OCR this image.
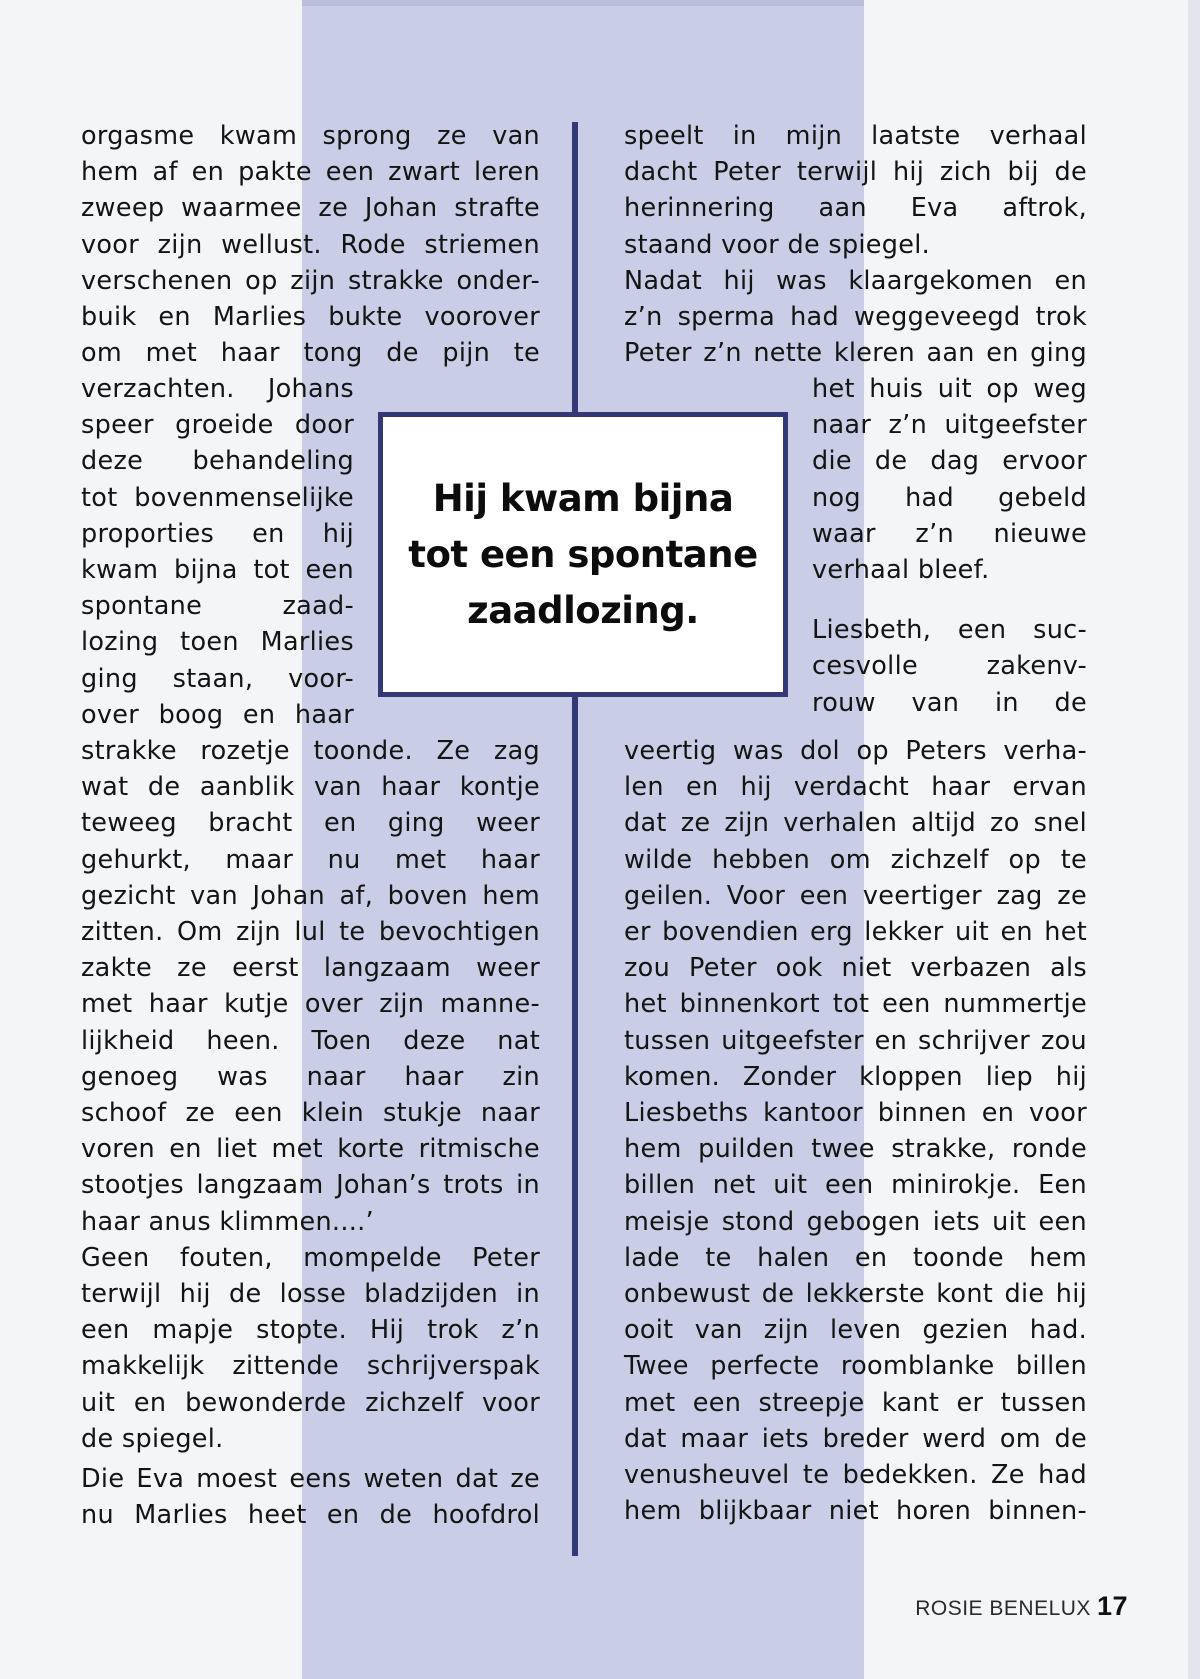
orgasme kwam sprong ze van

hem af en pakte een zwart leren

zweep waarmee ze Johan strafte

voor zijn wellust. Rode striemen

verschenen op zijn strakke onder-

buik en Marlies bukte voorover

om met haar tong de pijn te

verzachten. Johans

speer groeide door

deze behandeling

tot bovenmenselijke

proporties en hij

kwam bijna tot een

spontane zaad-

lozing toen Marlies

ging staan, voor-

over boog en haar

strakke rozetje toonde. Ze zag

wat de aanblik van haar kontje

teweeg bracht en ging weer

gehurkt, maar nu met haar

gezicht van Johan af, boven hem

zitten. Om zijn lul te bevochtigen

zakte ze eerst langzaam weer

met haar kutje over zijn manne-

lijkheid heen. Toen deze nat

genoeg was naar haar zin

schoof ze een klein stukje naar

voren en liet met korte ritmische

stootjes langzaam Johan’s trots in

haar anus klimmen....’

Geen fouten, mompelde Peter

terwijl hij de losse bladzijden in

een mapje stopte. Hij trok z’n

makkelijk zittende schrijverspak

uit en bewonderde zichzelf voor

de spiegel.

Die Eva moest eens weten dat ze

nu Marlies heet en de hoofdrol

speelt in mijn laatste verhaal

dacht Peter terwijl hij zich bij de

herinnering aan Eva aftrok,

staand voor de spiegel.

Nadat hij was klaargekomen en

z’n sperma had weggeveegd trok

Peter z’n nette kleren aan en ging

het huis uit op weg

naar z’n uitgeefster

die de dag ervoor

nog had gebeld

waar z’n nieuwe

verhaal bleef.

Liesbeth, een suc-

cesvolle zakenv-

rouw van in de

veertig was dol op Peters verha-

len en hij verdacht haar ervan

dat ze zijn verhalen altijd zo snel

wilde hebben om zichzelf op te

geilen. Voor een veertiger zag ze

er bovendien erg lekker uit en het

zou Peter ook niet verbazen als

het binnenkort tot een nummertje

tussen uitgeefster en schrijver zou

komen. Zonder kloppen liep hij

Liesbeths kantoor binnen en voor

hem puilden twee strakke, ronde

billen net uit een minirokje. Een

meisje stond gebogen iets uit een

lade te halen en toonde hem

onbewust de lekkerste kont die hij

ooit van zijn leven gezien had.

Twee perfecte roomblanke billen

met een streepje kant er tussen

dat maar iets breder werd om de

venusheuvel te bedekken. Ze had

hem blijkbaar niet horen binnen-

Hij kwam bijna
tot een spontane
zaadlozing.
ROSIE BENELUX 17
